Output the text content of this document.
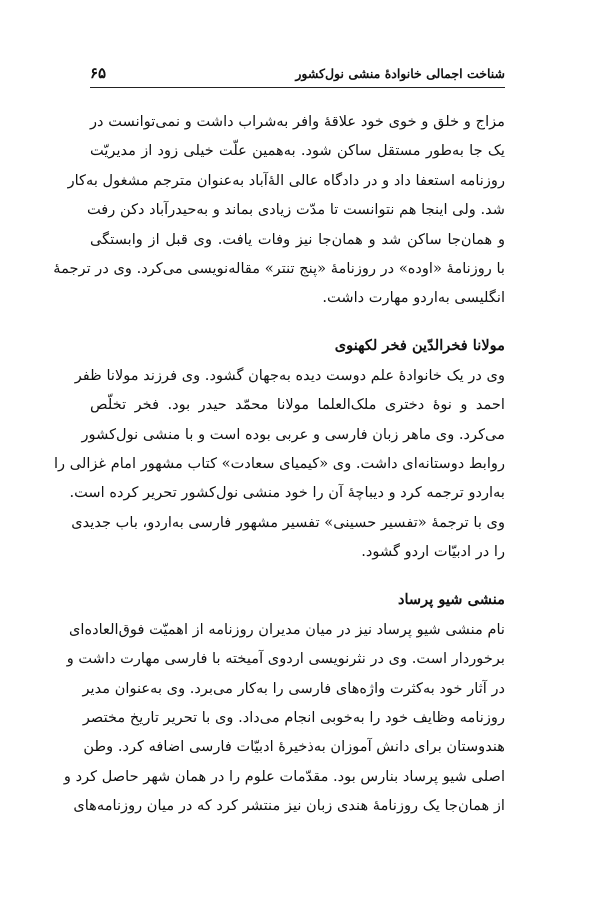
شناخت اجمالی خانوادهٔ منشی نول‌کشور
۶۵

مزاج و خلق و خوی خود علاقهٔ وافر به‌شراب داشت و نمی‌توانست در
یک جا به‌طور مستقل ساکن شود. به‌همین علّت خیلی زود از مدیریّت
روزنامه استعفا داد و در دادگاه عالی الهٔ‌آباد به‌عنوان مترجم مشغول به‌کار
شد. ولی اینجا هم نتوانست تا مدّت زیادی بماند و به‌حیدرآباد دکن رفت
و همان‌جا ساکن شد و همان‌جا نیز وفات یافت. وی قبل از وابستگی
با روزنامهٔ «اوده» در روزنامهٔ «پنج تنتر» مقاله‌نویسی می‌کرد. وی در ترجمهٔ
انگلیسی به‌اردو مهارت داشت.

مولانا فخرالدّین فخر لکهنوی

وی در یک خانوادهٔ علم دوست دیده به‌جهان گشود. وی فرزند مولانا ظفر
احمد و نوهٔ دختری ملک‌العلما مولانا محمّد حیدر بود. فخر تخلّص
می‌کرد. وی ماهر زبان فارسی و عربی بوده است و با منشی نول‌کشور
روابط دوستانه‌ای داشت. وی «کیمیای سعادت» کتاب مشهور امام غزالی را
به‌اردو ترجمه کرد و دیباچهٔ آن را خود منشی نول‌کشور تحریر کرده است.
وی با ترجمهٔ «تفسیر حسینی» تفسیر مشهور فارسی به‌اردو، باب جدیدی
را در ادبیّات اردو گشود.

منشی شیو پرساد

نام منشی شیو پرساد نیز در میان مدیران روزنامه از اهمیّت فوق‌العاده‌ای
برخوردار است. وی در نثرنویسی اردوی آمیخته با فارسی مهارت داشت و
در آثار خود به‌کثرت واژه‌های فارسی را به‌کار می‌برد. وی به‌عنوان مدیر
روزنامه وظایف خود را به‌خوبی انجام می‌داد. وی با تحریر تاریخ مختصر
هندوستان برای دانش آموزان به‌ذخیرهٔ ادبیّات فارسی اضافه کرد. وطن
اصلی شیو پرساد بنارس بود. مقدّمات علوم را در همان شهر حاصل کرد و
از همان‌جا یک روزنامهٔ هندی زبان نیز منتشر کرد که در میان روزنامه‌های
